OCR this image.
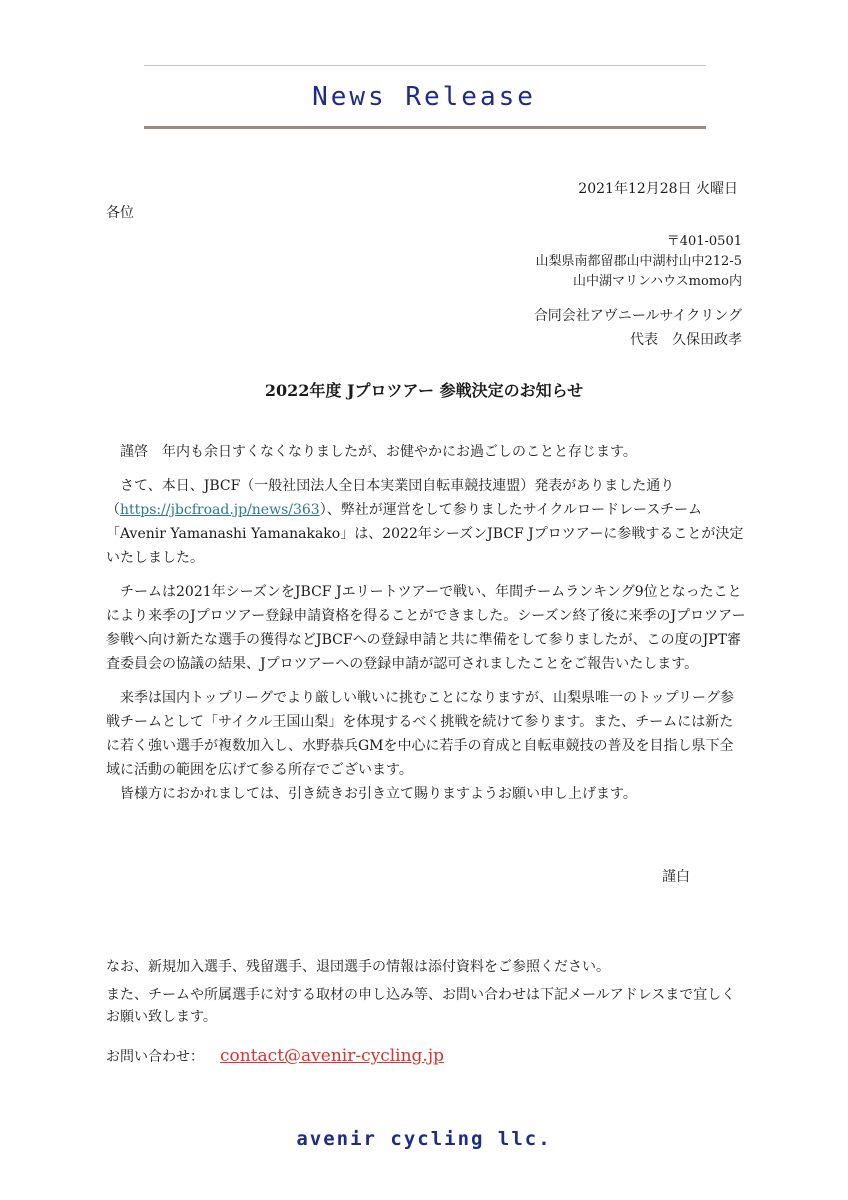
News Release
2021年12月28日 火曜日
各位
〒401-0501
山梨県南都留郡山中湖村山中212-5
山中湖マリンハウスmomo内
合同会社アヴニールサイクリング
代表　久保田政孝
2022年度 Jプロツアー 参戦決定のお知らせ

謹啓　年内も余日すくなくなりましたが、お健やかにお過ごしのことと存じます。

さて、本日、JBCF（一般社団法人全日本実業団自転車競技連盟）発表がありました通り（https://jbcfroad.jp/news/363）、弊社が運営をして参りましたサイクルロードレースチーム「Avenir Yamanashi Yamanakako」は、2022年シーズンJBCF Jプロツアーに参戦することが決定いたしました。

チームは2021年シーズンをJBCF Jエリートツアーで戦い、年間チームランキング9位となったことにより来季のJプロツアー登録申請資格を得ることができました。シーズン終了後に来季のJプロツアー参戦へ向け新たな選手の獲得などJBCFへの登録申請と共に準備をして参りましたが、この度のJPT審査委員会の協議の結果、Jプロツアーへの登録申請が認可されましたことをご報告いたします。

来季は国内トップリーグでより厳しい戦いに挑むことになりますが、山梨県唯一のトップリーグ参戦チームとして「サイクル王国山梨」を体現するべく挑戦を続けて参ります。また、チームには新たに若く強い選手が複数加入し、水野恭兵GMを中心に若手の育成と自転車競技の普及を目指し県下全域に活動の範囲を広げて参る所存でございます。

皆様方におかれましては、引き続きお引き立て賜りますようお願い申し上げます。

謹白
なお、新規加入選手、残留選手、退団選手の情報は添付資料をご参照ください。
また、チームや所属選手に対する取材の申し込み等、お問い合わせは下記メールアドレスまで宜しくお願い致します。
お問い合わせ： contact@avenir-cycling.jp
avenir cycling llc.
